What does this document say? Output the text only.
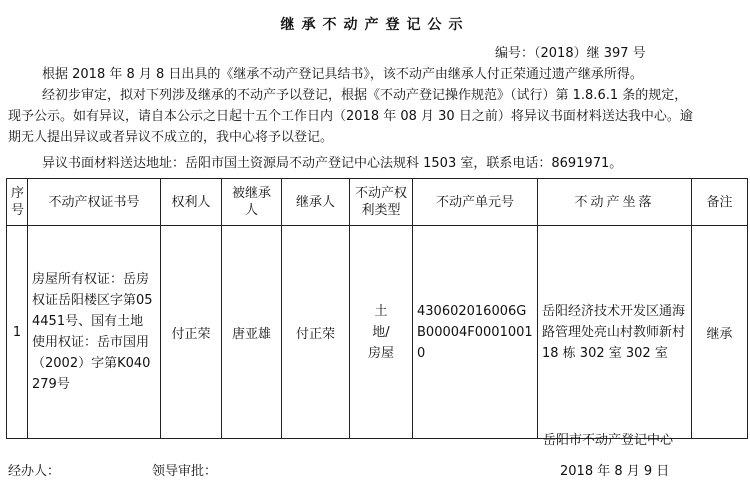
继承不动产登记公示
编号：（2018）继 397 号
根据 2018 年 8 月 8 日出具的《继承不动产登记具结书》，该不动产由继承人付正荣通过遗产继承所得。
经初步审定，拟对下列涉及继承的不动产予以登记，根据《不动产登记操作规范》（试行）第 1.8.6.1 条的规定，
现予公示。如有异议，请自本公示之日起十五个工作日内（2018 年 08 月 30 日之前）将异议书面材料送达我中心。逾
期无人提出异议或者异议不成立的，我中心将予以登记。
异议书面材料送达地址：岳阳市国土资源局不动产登记中心法规科 1503 室，联系电话：8691971。
序号	不动产权证书号	权利人	被继承人	继承人	不动产权利类型	不动产单元号	不动产坐落	备注
1	房屋所有权证：岳房权证岳阳楼区字第054451号、国有土地使用权证：岳市国用（2002）字第K040279号	付正荣	唐亚雄	付正荣	土地/房屋	430602016006GB00004F00010010	岳阳经济技术开发区通海路管理处亮山村教师新村 18 栋 302 室 302 室	继承
岳阳市不动产登记中心
经办人：	领导审批：	2018 年 8 月 9 日
